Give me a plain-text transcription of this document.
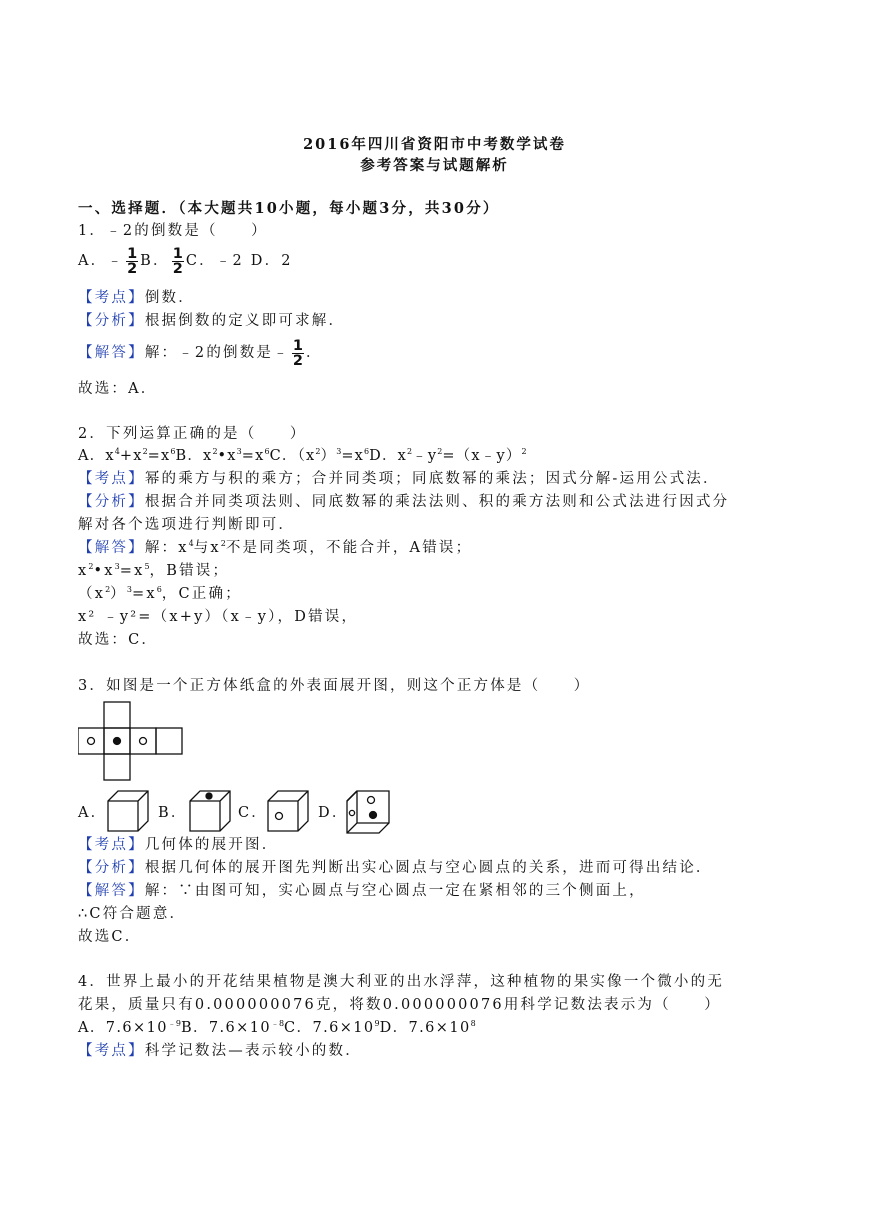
2016年四川省资阳市中考数学试卷
参考答案与试题解析
一、选择题．（本大题共10小题，每小题3分，共30分）
1．﹣2的倒数是（　　）
A．﹣ $\frac{1}{2}$ B． $\frac{1}{2}$ C．﹣2 D．2
【考点】倒数．
【分析】根据倒数的定义即可求解．
【解答】解：﹣2的倒数是﹣ $\frac{1}{2}$ ．
故选：A．
2．下列运算正确的是（　　）
A．$x^4+x^2=x^6B$．$x^2•x^3=x^6C$．$(x^2)^3=x^6D$．$x^2﹣y^2=(x﹣y)^2$
【考点】幂的乘方与积的乘方；合并同类项；同底数幂的乘法；因式分解-运用公式法．
【分析】根据合并同类项法则、同底数幂的乘法法则、积的乘方法则和公式法进行因式分
解对各个选项进行判断即可．
【解答】解：$x^4$与$x^2$不是同类项，不能合并，A错误；
$x^2•x^3=x^5$，B错误；
$(x^2)^3=x^6$，C正确；
x² ﹣y²=（x+y）（x﹣y），D错误，
故选：C．
3．如图是一个正方体纸盒的外表面展开图，则这个正方体是（　　）
A．	B．	C．	D．
【考点】几何体的展开图．
【分析】根据几何体的展开图先判断出实心圆点与空心圆点的关系，进而可得出结论．
【解答】解：∵由图可知，实心圆点与空心圆点一定在紧相邻的三个侧面上，
∴C符合题意．
故选C．
4．世界上最小的开花结果植物是澳大利亚的出水浮萍，这种植物的果实像一个微小的无
花果，质量只有0.000000076克，将数0.000000076用科学记数法表示为（　　）
A．$7.6\times 10^{﹣9}B$．$7.6\times 10^{﹣8}C$．$7.6\times 10^9D$．$7.6\times 10^8$
【考点】科学记数法—表示较小的数．
